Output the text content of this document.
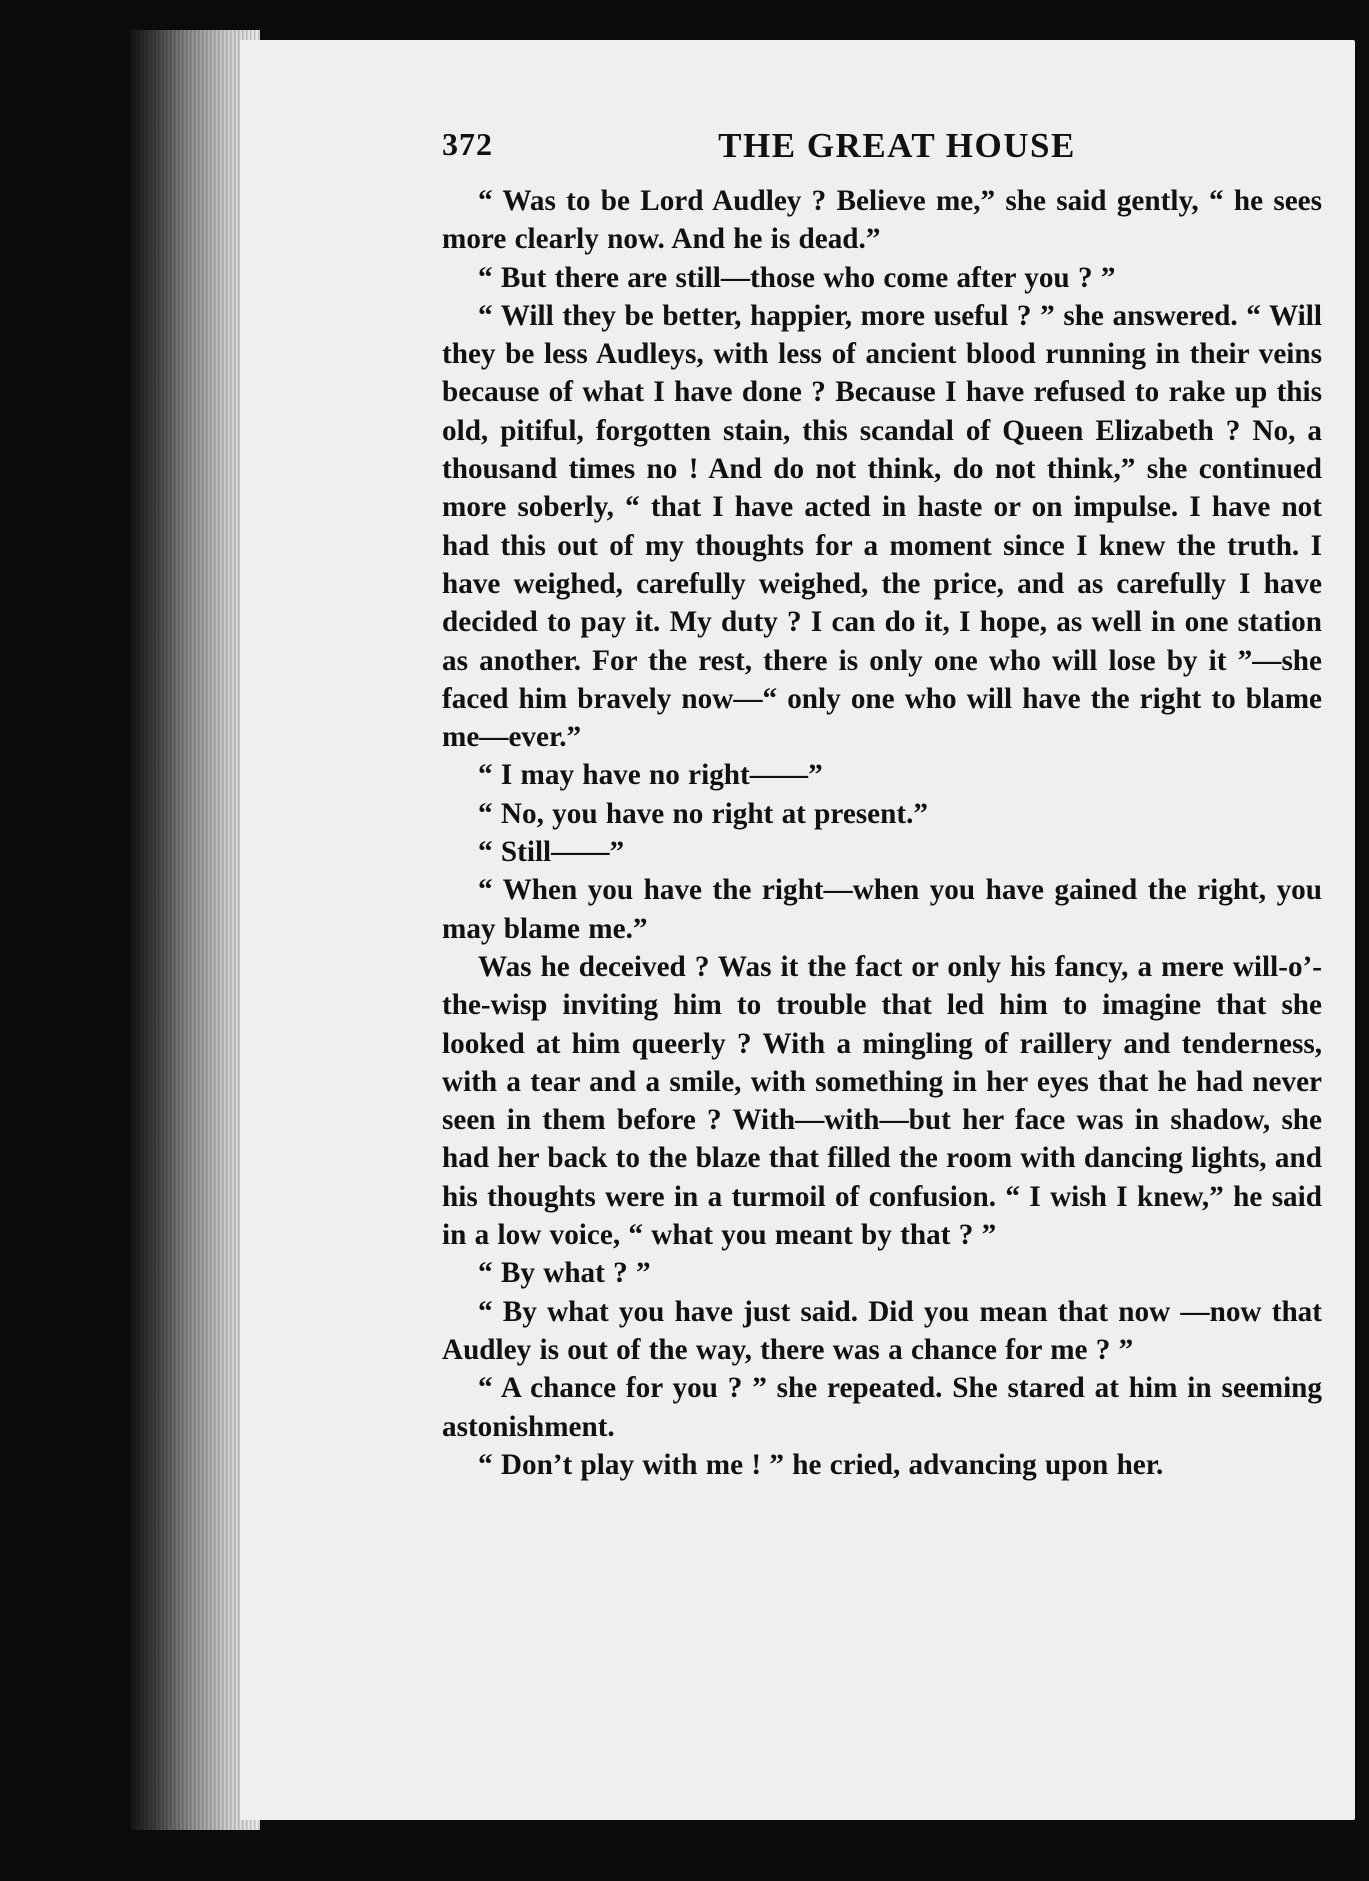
372	THE GREAT HOUSE

“ Was to be Lord Audley ? Believe me,” she said gently, “ he sees more clearly now. And he is dead.”

“ But there are still—those who come after you ? ”

“ Will they be better, happier, more useful ? ” she answered. “ Will they be less Audleys, with less of ancient blood running in their veins because of what I have done ? Because I have refused to rake up this old, pitiful, forgotten stain, this scandal of Queen Elizabeth ? No, a thousand times no ! And do not think, do not think,” she continued more soberly, “ that I have acted in haste or on impulse. I have not had this out of my thoughts for a moment since I knew the truth. I have weighed, carefully weighed, the price, and as carefully I have decided to pay it. My duty ? I can do it, I hope, as well in one station as another. For the rest, there is only one who will lose by it ”—she faced him bravely now—“ only one who will have the right to blame me—ever.”

“ I may have no right——”

“ No, you have no right at present.”

“ Still——”

“ When you have the right—when you have gained the right, you may blame me.”

Was he deceived ? Was it the fact or only his fancy, a mere will-o’-the-wisp inviting him to trouble that led him to imagine that she looked at him queerly ? With a mingling of raillery and tenderness, with a tear and a smile, with something in her eyes that he had never seen in them before ? With—with—but her face was in shadow, she had her back to the blaze that filled the room with dancing lights, and his thoughts were in a turmoil of confusion. “ I wish I knew,” he said in a low voice, “ what you meant by that ? ”

“ By what ? ”

“ By what you have just said. Did you mean that now —now that Audley is out of the way, there was a chance for me ? ”

“ A chance for you ? ” she repeated. She stared at him in seeming astonishment.

“ Don’t play with me ! ” he cried, advancing upon her.
